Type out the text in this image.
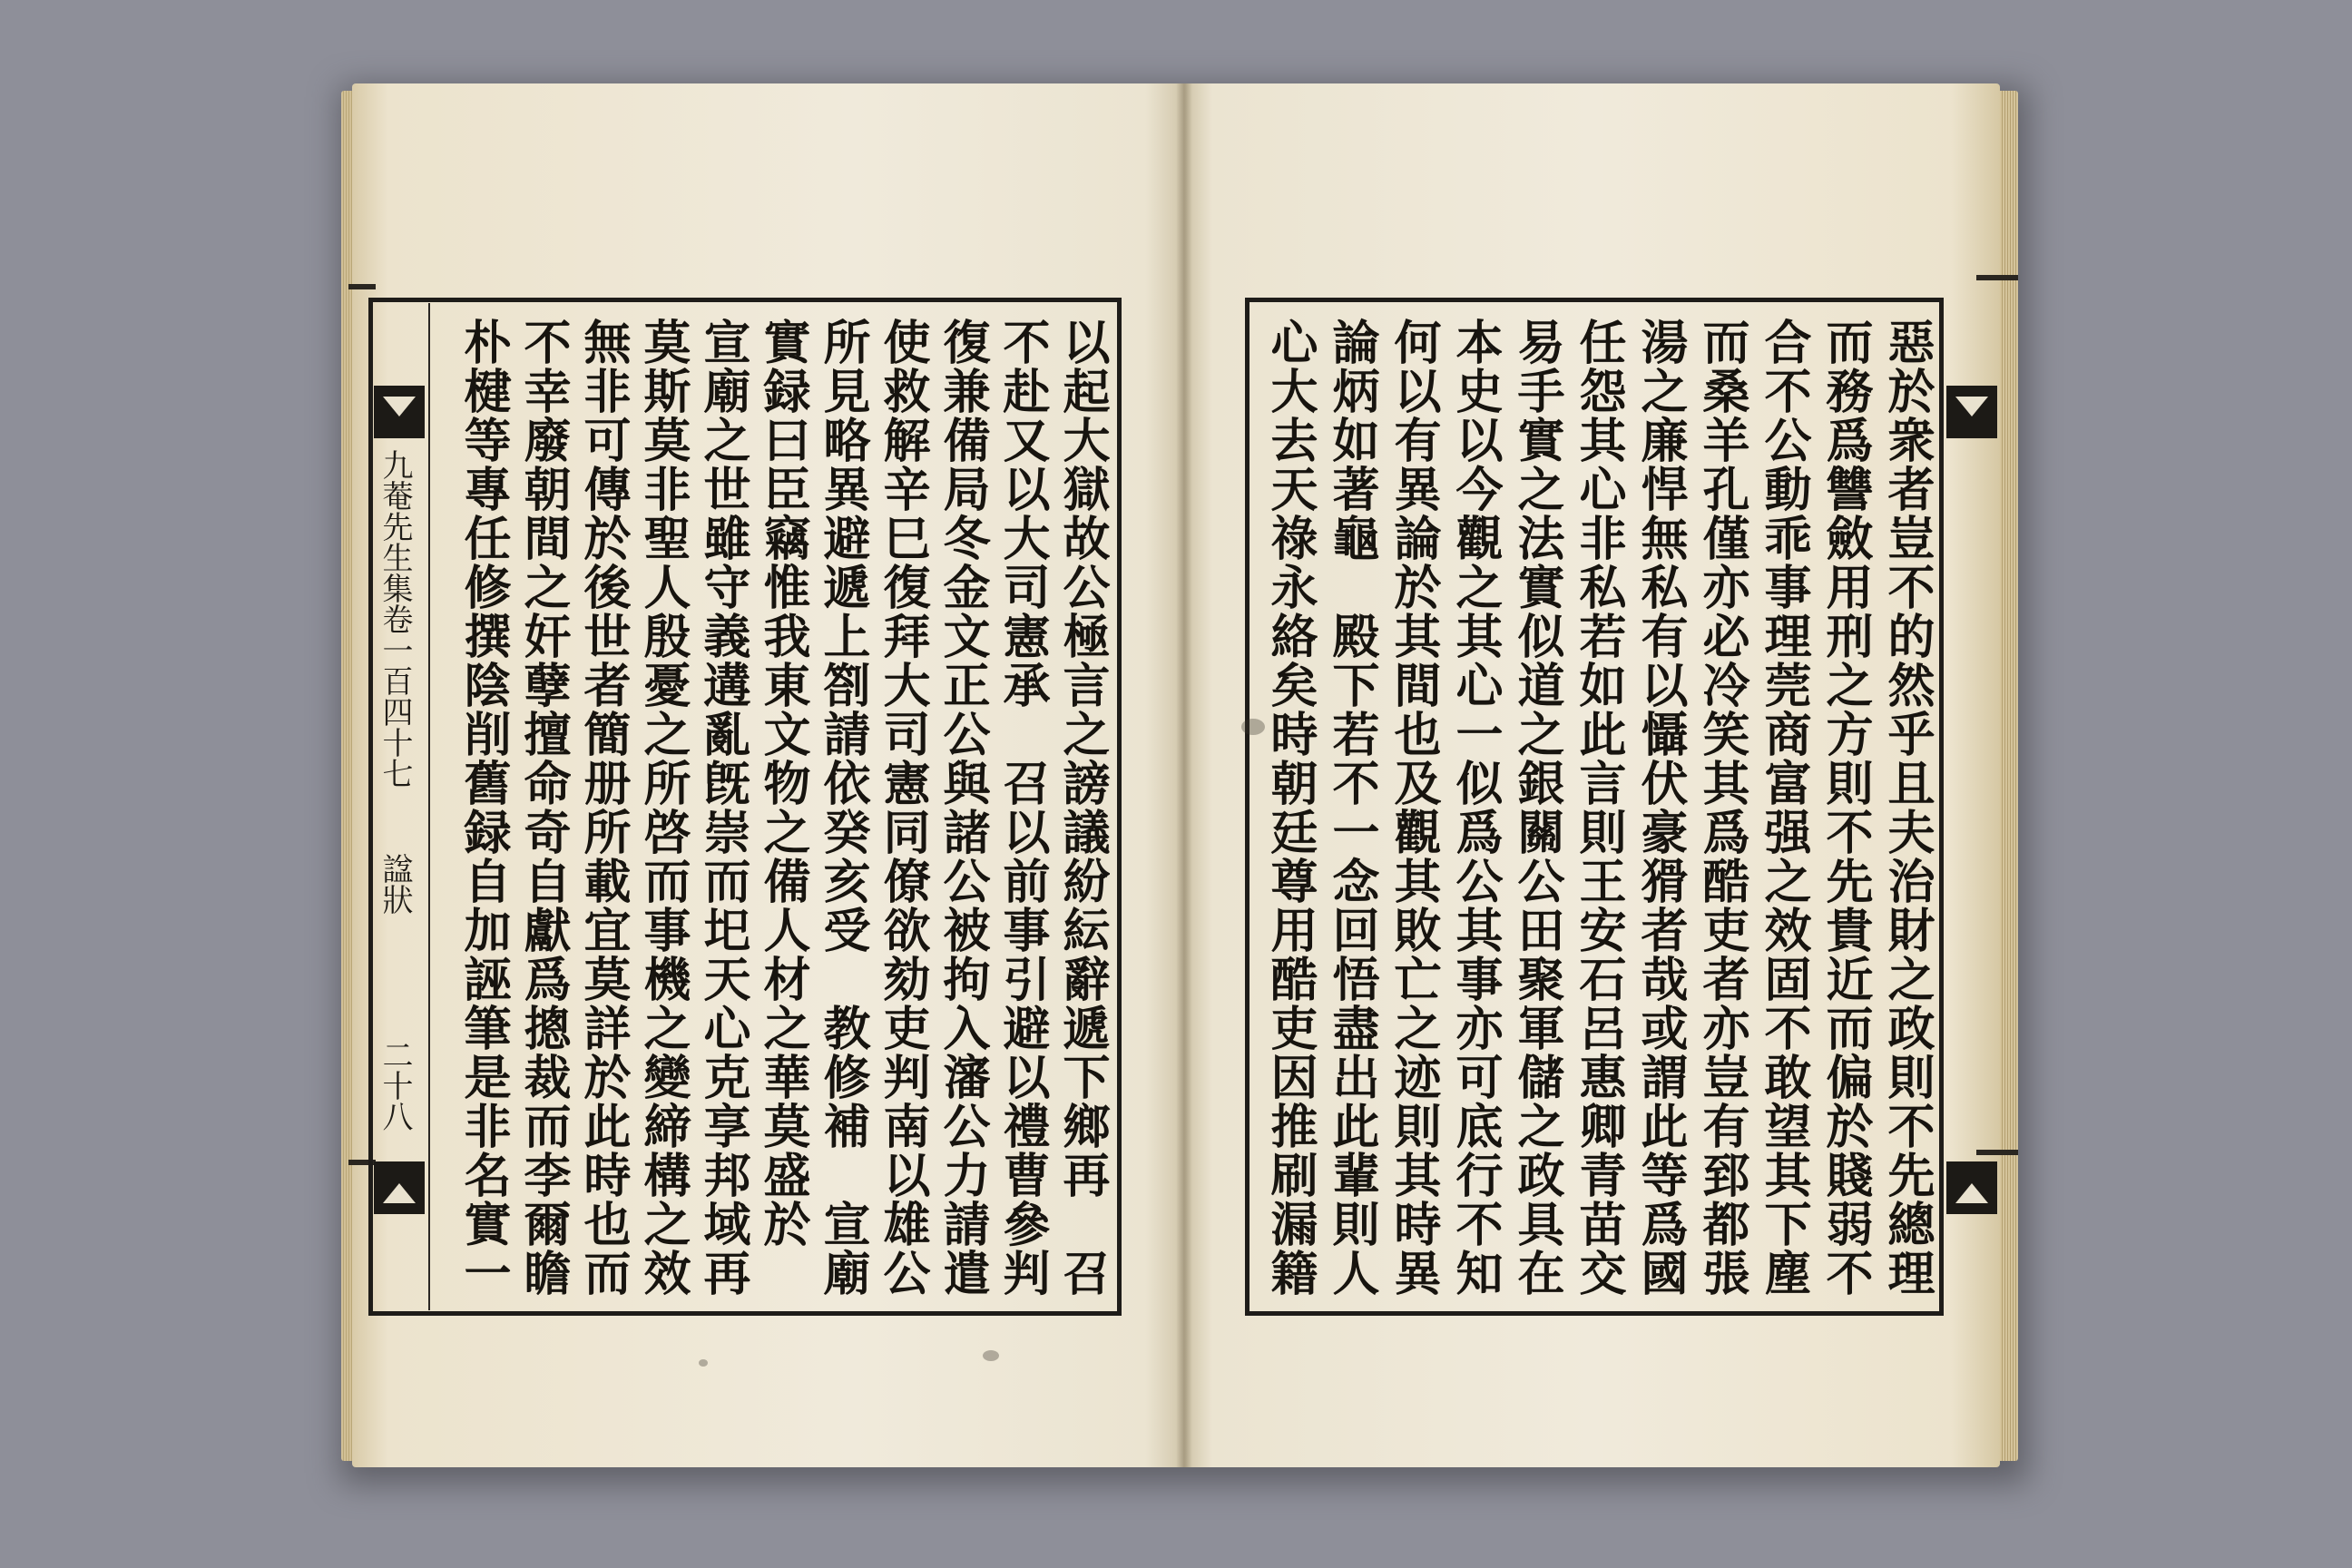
九菴先生集卷一百四十七
諡狀
二十八	以起大獄故公極言之謗議紛紜辭遞下鄉再　召
不赴又以大司憲承　召以前事引避以禮曹參判
復兼備局冬金文正公與諸公被拘入瀋公力請遣
使救解辛巳復拜大司憲同僚欲劾吏判南以雄公
所見略異避遞上劄請依癸亥受　教修補　宣廟
實録曰臣竊惟我東文物之備人材之華莫盛於
宣廟之世雖守義遘亂旣崇而圯天心克享邦域再
莫斯莫非聖人殷憂之所啓而事機之變締構之效
無非可傳於後世者簡册所載宜莫詳於此時也而
不幸廢朝間之奸孽擅命奇自獻爲摠裁而李爾瞻
朴楗等專任修撰陰削舊録自加誣筆是非名實一	惡於衆者豈不的然乎且夫治財之政則不先總理
而務爲讐斂用刑之方則不先貴近而偏於賤弱不
合不公動乖事理莞商富强之效固不敢望其下塵
而桑羊孔僅亦必冷笑其爲酷吏者亦豈有郅都張
湯之廉悍無私有以懾伏豪猾者哉或謂此等爲國
任怨其心非私若如此言則王安石呂惠卿青苗交
易手實之法實似道之銀關公田聚軍儲之政具在
本史以今觀之其心一似爲公其事亦可底行不知
何以有異論於其間也及觀其敗亡之迹則其時異
論炳如著龜　殿下若不一念回悟盡出此輩則人
心大去天祿永絡矣時朝廷尊用酷吏因推刷漏籍
